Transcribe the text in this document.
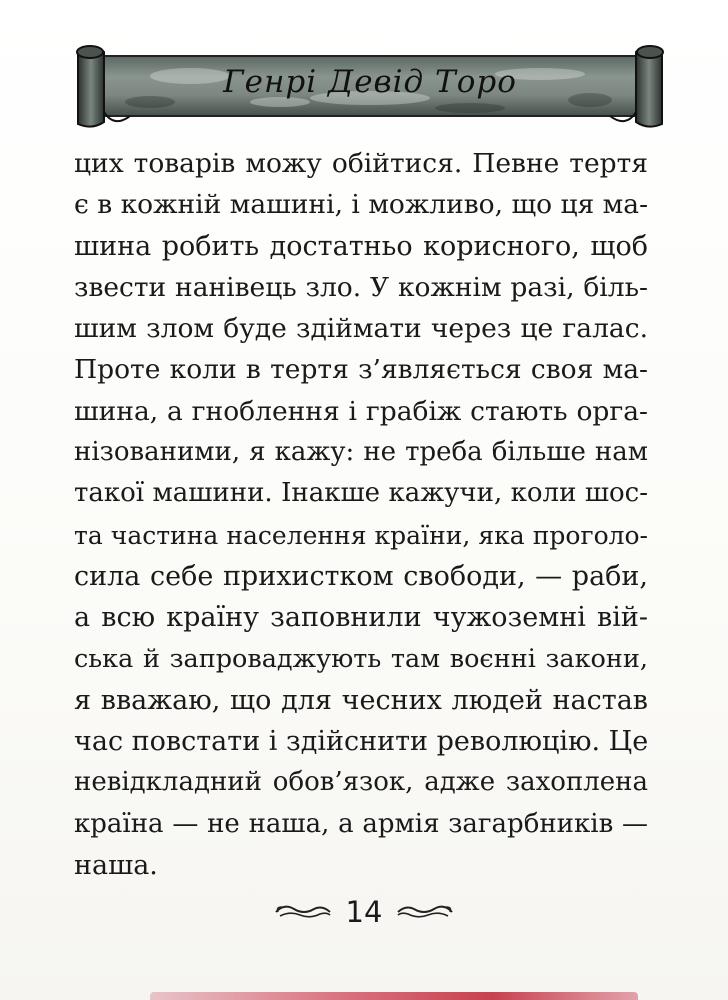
Генрі Девід Торо
цих товарів можу обійтися. Певне тертя
є в кожній машині, і можливо, що ця ма-
шина робить достатньо корисного, щоб
звести нанівець зло. У кожнім разі, біль-
шим злом буде здіймати через це галас.
Проте коли в тертя з’являється своя ма-
шина, а гноблення і грабіж стають орга-
нізованими, я кажу: не треба більше нам
такої машини. Інакше кажучи, коли шос-
та частина населення країни, яка проголо-
сила себе прихистком свободи, — раби,
а всю країну заповнили чужоземні вій-
ська й запроваджують там воєнні закони,
я вважаю, що для чесних людей настав
час повстати і здійснити революцію. Це
невідкладний обов’язок, адже захоплена
країна — не наша, а армія загарбників —
наша.
14
